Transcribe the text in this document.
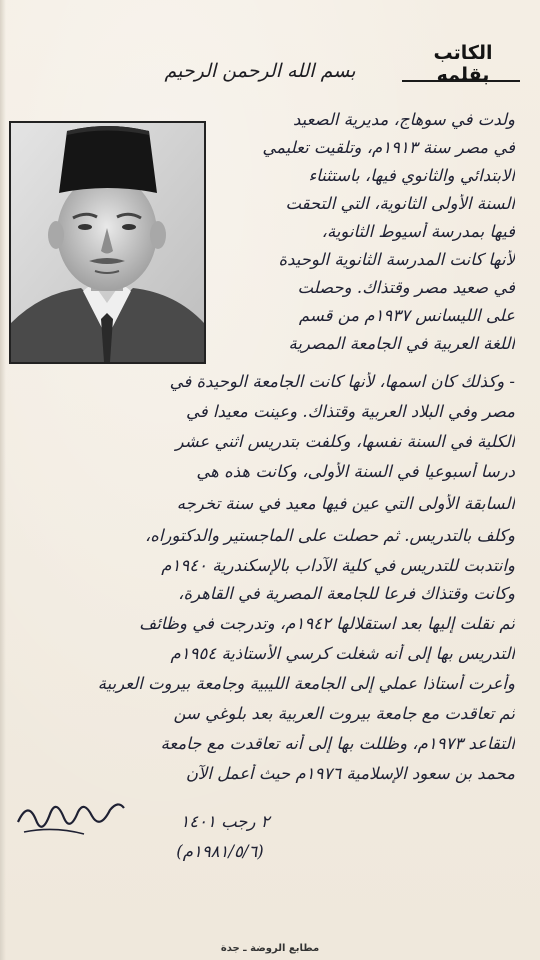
الكاتب بقلمه
بسم الله الرحمن الرحيم
ولدت في سوهاج، مديرية الصعيد
في مصر سنة ١٩١٣م، وتلقيت تعليمي
الابتدائي والثانوي فيها، باستثناء
السنة الأولى الثانوية، التي التحقت
فيها بمدرسة أسيوط الثانوية،
لأنها كانت المدرسة الثانوية الوحيدة
في صعيد مصر وقتذاك. وحصلت
على الليسانس ١٩٣٧م من قسم
اللغة العربية في الجامعة المصرية
- وكذلك كان اسمها، لأنها كانت الجامعة الوحيدة في
مصر وفي البلاد العربية وقتذاك. وعينت معيدا في
الكلية في السنة نفسها، وكلفت بتدريس اثني عشر
درسا أسبوعيا في السنة الأولى، وكانت هذه هي
السابقة الأولى التي عين فيها معيد في سنة تخرجه
وكلف بالتدريس. ثم حصلت على الماجستير والدكتوراه،
وانتدبت للتدريس في كلية الآداب بالإسكندرية ١٩٤٠م
وكانت وقتذاك فرعا للجامعة المصرية في القاهرة،
ثم نقلت إليها بعد استقلالها ١٩٤٢م، وتدرجت في وظائف
التدريس بها إلى أنه شغلت كرسي الأستاذية ١٩٥٤م
وأعرت أستاذا عملي إلى الجامعة الليبية وجامعة بيروت العربية
ثم تعاقدت مع جامعة بيروت العربية بعد بلوغي سن
التقاعد ١٩٧٣م، وظللت بها إلى أنه تعاقدت مع جامعة
محمد بن سعود الإسلامية ١٩٧٦م حيث أعمل الآن
٢ رجب ١٤٠١
(١٩٨١/٥/٦م)
مطابع الروضة ـ جدة
